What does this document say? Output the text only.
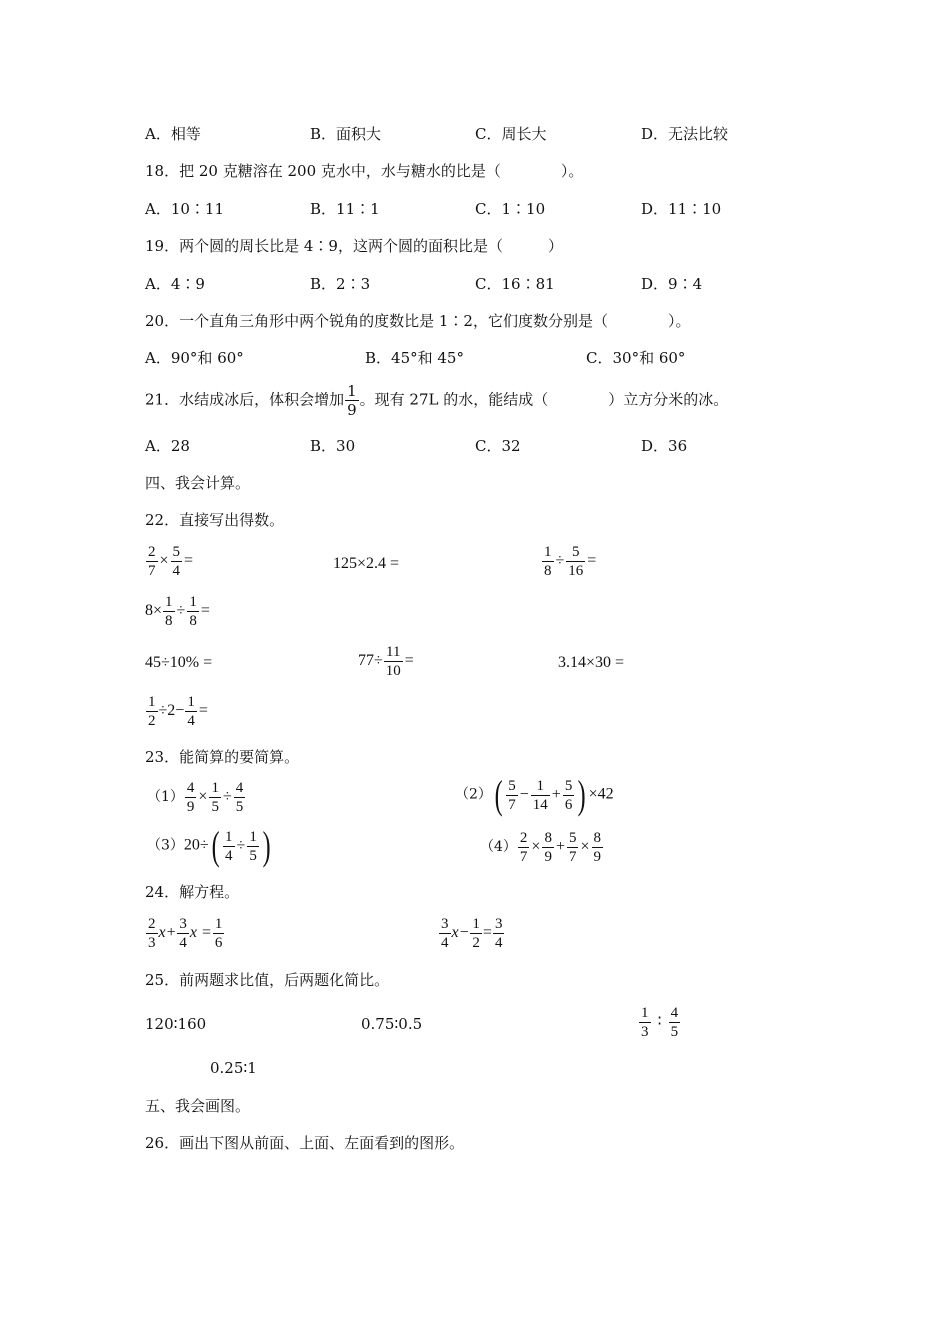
A．相等	B．面积大	C．周长大	D．无法比较
18．把 20 克糖溶在 200 克水中，水与糖水的比是（　　　　）。
A．10∶11	B．11∶1	C．1∶10	D．11∶10
19．两个圆的周长比是 4∶9，这两个圆的面积比是（　　　）
A．4∶9	B．2∶3	C．16∶81	D．9∶4
20．一个直角三角形中两个锐角的度数比是 1∶2，它们度数分别是（　　　　）。
A．90°和 60°	B．45°和 45°	C．30°和 60°
21．水结成冰后，体积会增加 $\frac{1}{9}$ 。现有 27L 的水，能结成（　　　　）立方分米的冰。
A．28	B．30	C．32	D．36
四、我会计算。
22．直接写出得数。
$\frac{2}{7} \times \frac{5}{4}$ =	125×2.4 =	$\frac{1}{8} \div \frac{5}{16}$ =
$8\times \frac{1}{8} \div \frac{1}{8}$ =
45÷10% =	$77\div \frac{11}{10}$ =	3.14×30 =
$\frac{1}{2} \div 2- \frac{1}{4}$ =
23．能简算的要简算。
$(1) \frac{4}{9} \times \frac{1}{5} \div \frac{4}{5}$	$(2)( \frac{5}{7} - \frac{1}{14} + \frac{5}{6}$ ) ×42
$(3)20\div( \frac{1}{4} \div \frac{1}{5}$ )	$(4) \frac{2}{7} \times \frac{8}{9} + \frac{5}{7} \times \frac{8}{9}$
24．解方程。
$\frac{2}{3} x+ \frac{3}{4}$ $x = \frac{1}{6}$	$\frac{3}{4} x- \frac{1}{2} = \frac{3}{4}$
25．前两题求比值，后两题化简比。
120∶160	0.75∶0.5	$\frac{1}{3}$ ∶ $\frac{4}{5}$
0.25∶1
五、我会画图。
26．画出下图从前面、上面、左面看到的图形。
